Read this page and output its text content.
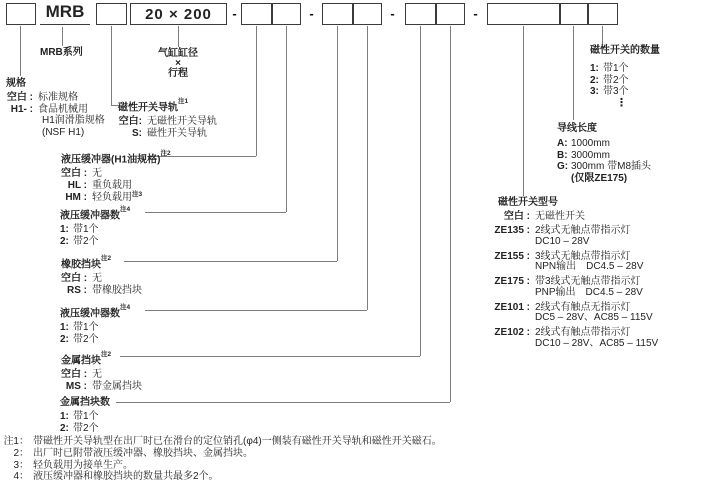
MRB	20 × 200	-	-	-	-
MRB系列	气缸缸径
×
行程
规格
空白 : 标准规格
H1- : 食品机械用
H1润滑脂规格
(NSF H1)
磁性开关导轨$^{注1}$
空白: 无磁性开关导轨
S: 磁性开关导轨
液压缓冲器(H1油规格)$^{注2}$
空白 : 无
HL : 重负载用
HM : 轻负载用$^{注3}$
液压缓冲器数$^{注4}$
1: 带1个
2: 带2个
橡胶挡块$^{注2}$
空白 : 无
RS : 带橡胶挡块
液压缓冲器数$^{注4}$
1: 带1个
2: 带2个
金属挡块$^{注2}$
空白 : 无
MS : 带金属挡块
金属挡块数
1: 带1个
2: 带2个
磁性开关的数量
1: 带1个
2: 带2个
3: 带3个
⋮
导线长度
A: 1000mm
B: 3000mm
G: 300mm 带M8插头
(仅限ZE175)
磁性开关型号
空白 : 无磁性开关
ZE135 : 2线式无触点带指示灯
DC10 – 28V
ZE155 : 3线式无触点带指示灯
NPN输出　DC4.5 – 28V
ZE175 : 带3线式无触点带指示灯
PNP输出　DC4.5 – 28V
ZE101 : 2线式有触点无指示灯
DC5 – 28V、AC85 – 115V
ZE102 : 2线式有触点带指示灯
DC10 – 28V、AC85 – 115V
注1： 带磁性开关导轨型在出厂时已在滑台的定位销孔(φ4)一侧装有磁性开关导轨和磁性开关磁石。
2： 出厂时已附带液压缓冲器、橡胶挡块、金属挡块。
3： 轻负载用为接单生产。
4： 液压缓冲器和橡胶挡块的数量共最多2个。
